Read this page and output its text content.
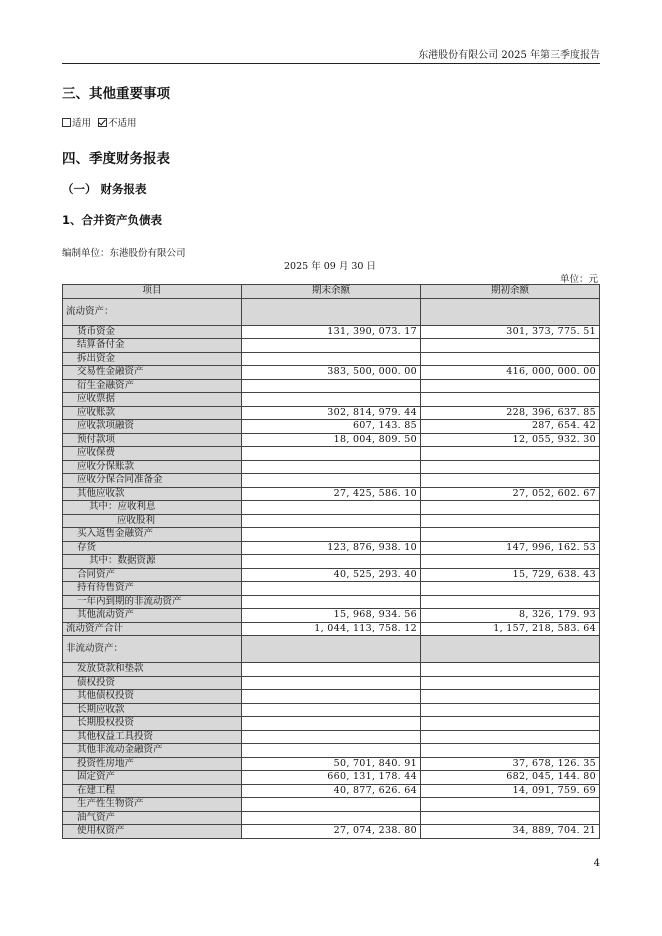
东港股份有限公司 2025 年第三季度报告
三、其他重要事项
适用 不适用
四、季度财务报表
（一） 财务报表
1、合并资产负债表
编制单位：东港股份有限公司
2025 年 09 月 30 日
单位：元
项目	期末余额	期初余额
流动资产：		
货币资金	131, 390, 073. 17	301, 373, 775. 51
结算备付金		
拆出资金		
交易性金融资产	383, 500, 000. 00	416, 000, 000. 00
衍生金融资产		
应收票据		
应收账款	302, 814, 979. 44	228, 396, 637. 85
应收款项融资	607, 143. 85	287, 654. 42
预付款项	18, 004, 809. 50	12, 055, 932. 30
应收保费		
应收分保账款		
应收分保合同准备金		
其他应收款	27, 425, 586. 10	27, 052, 602. 67
其中：应收利息		
应收股利		
买入返售金融资产		
存货	123, 876, 938. 10	147, 996, 162. 53
其中：数据资源		
合同资产	40, 525, 293. 40	15, 729, 638. 43
持有待售资产		
一年内到期的非流动资产		
其他流动资产	15, 968, 934. 56	8, 326, 179. 93
流动资产合计	1, 044, 113, 758. 12	1, 157, 218, 583. 64
非流动资产：		
发放贷款和垫款		
债权投资		
其他债权投资		
长期应收款		
长期股权投资		
其他权益工具投资		
其他非流动金融资产		
投资性房地产	50, 701, 840. 91	37, 678, 126. 35
固定资产	660, 131, 178. 44	682, 045, 144. 80
在建工程	40, 877, 626. 64	14, 091, 759. 69
生产性生物资产		
油气资产		
使用权资产	27, 074, 238. 80	34, 889, 704. 21
4
